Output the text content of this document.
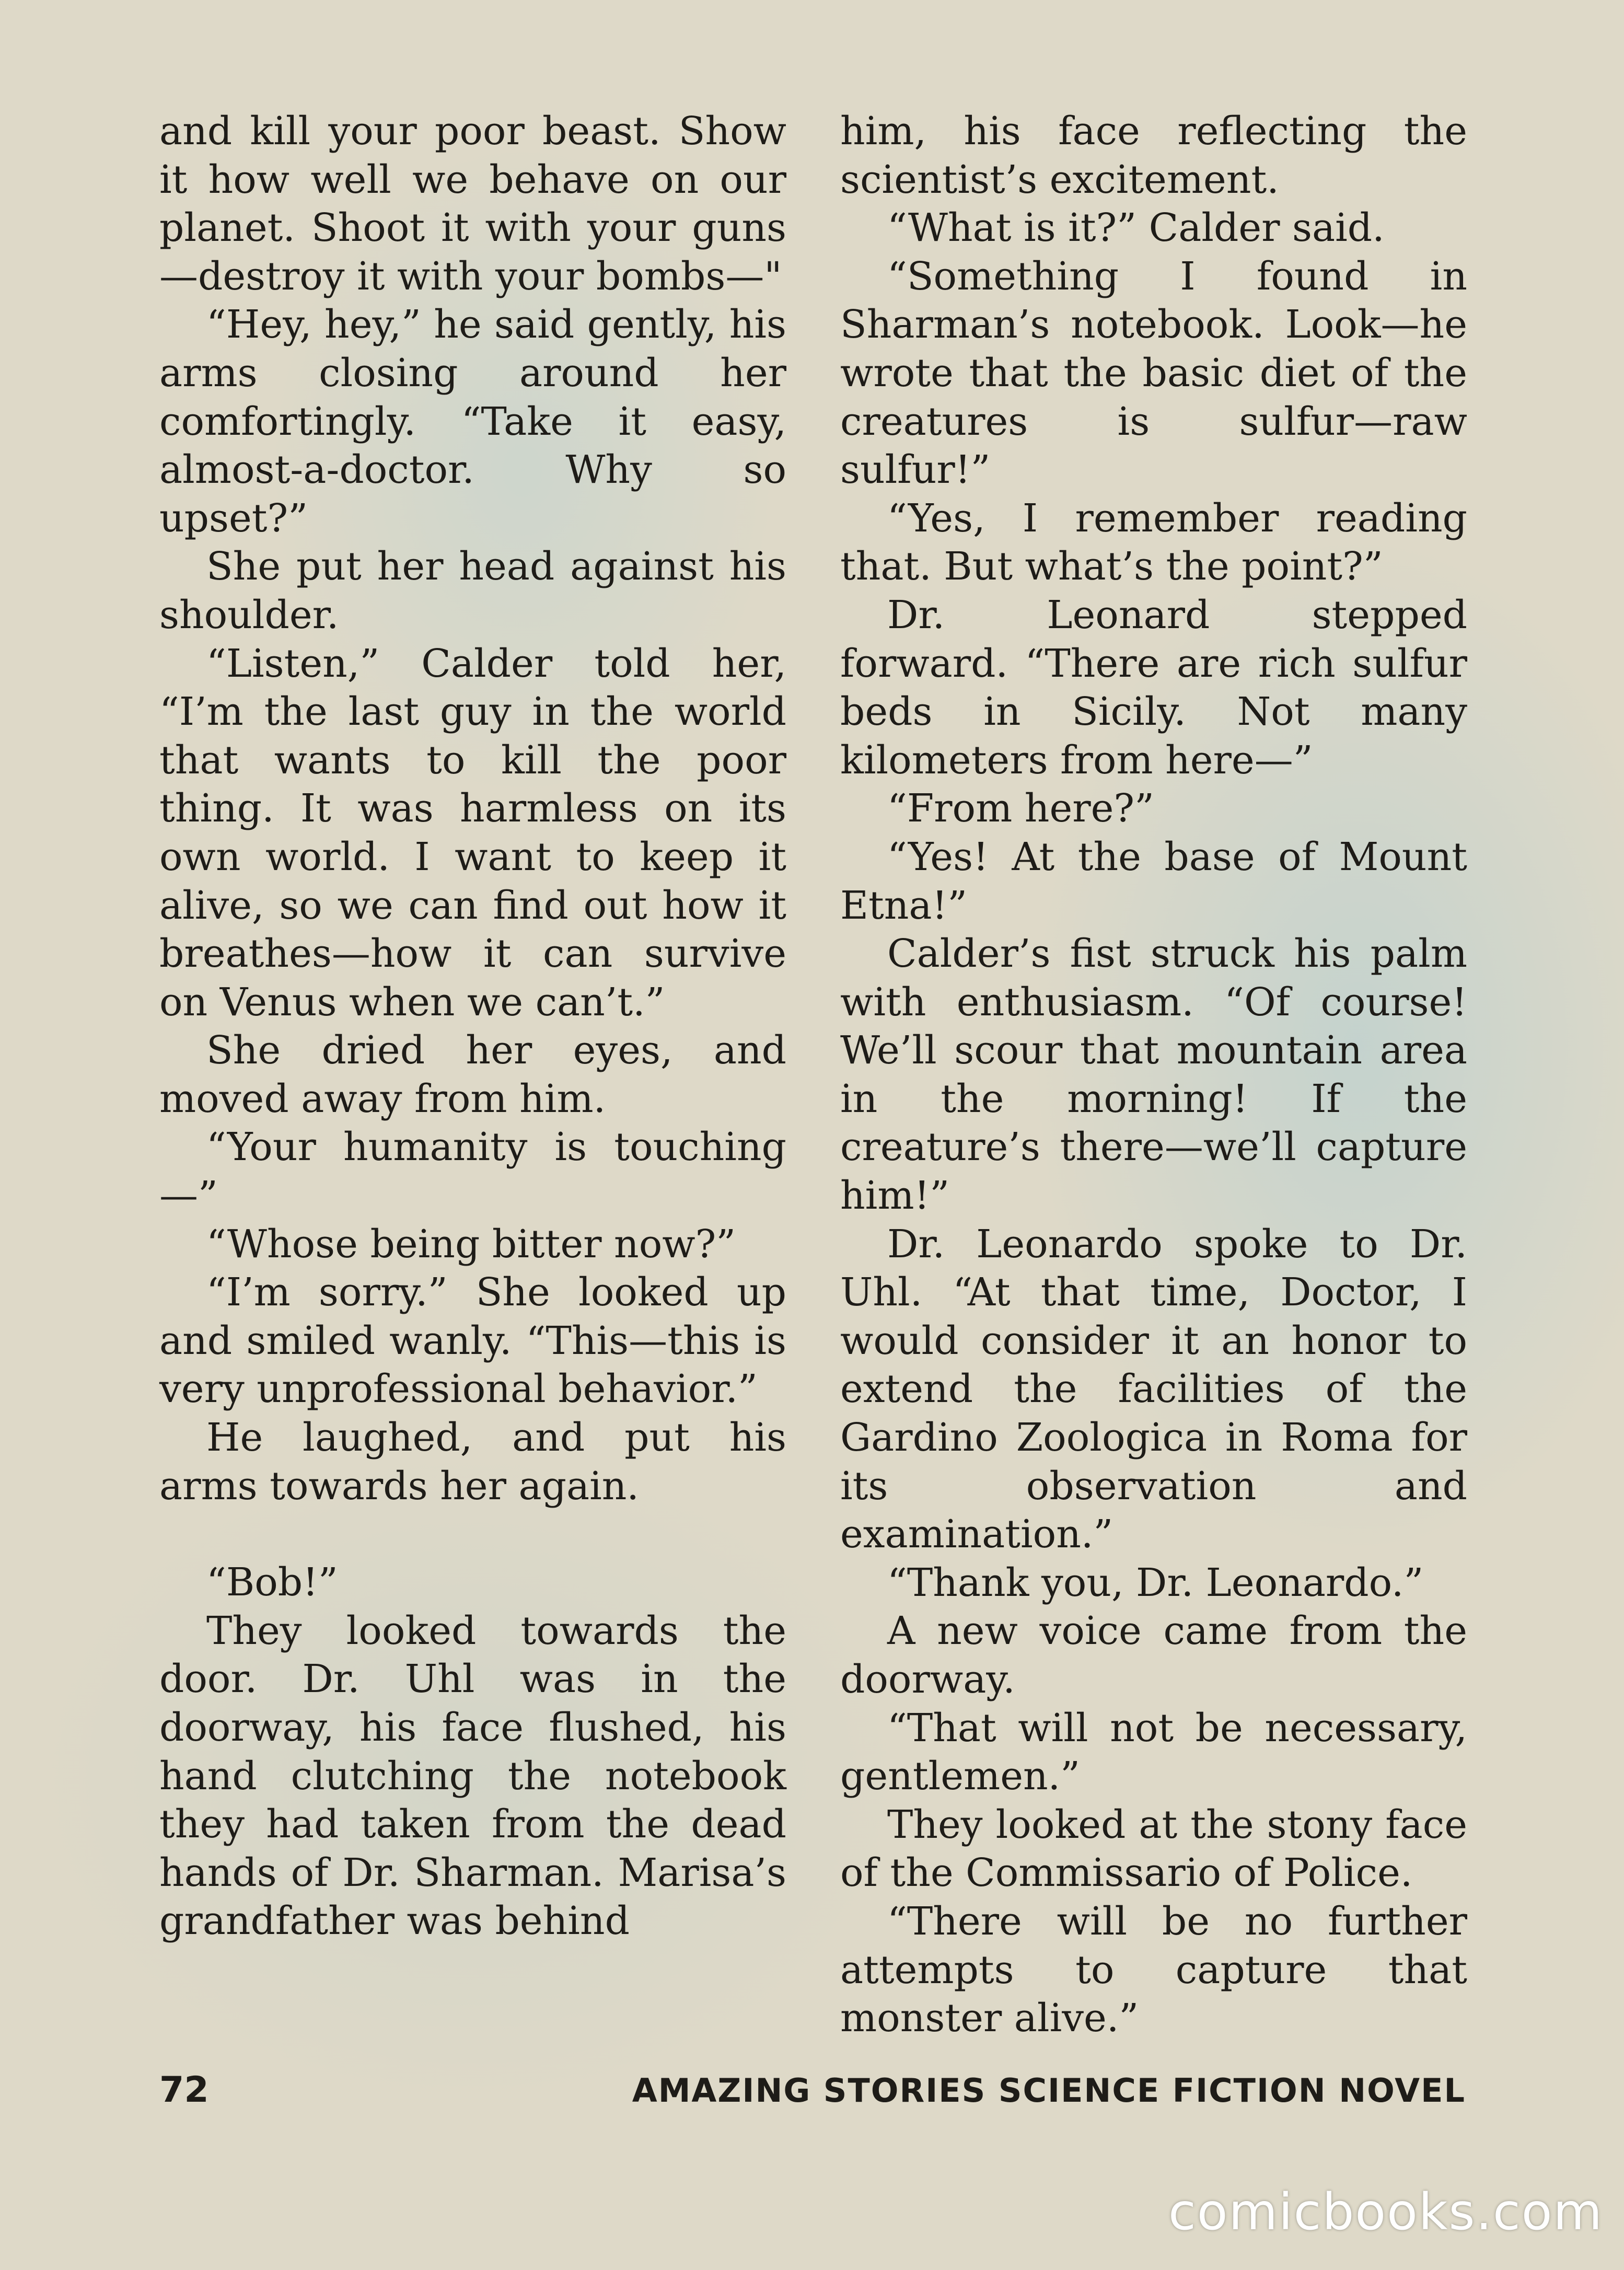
and kill your poor beast. Show it how well we behave on our planet. Shoot it with your guns—destroy it with your bombs—"

“Hey, hey,” he said gently, his arms closing around her comfortingly. “Take it easy, almost-a-doctor. Why so upset?”

She put her head against his shoulder.

“Listen,” Calder told her, “I’m the last guy in the world that wants to kill the poor thing. It was harmless on its own world. I want to keep it alive, so we can find out how it breathes—how it can survive on Venus when we can’t.”

She dried her eyes, and moved away from him.

“Your humanity is touching—”

“Whose being bitter now?”

“I’m sorry.” She looked up and smiled wanly. “This—this is very unprofessional behavior.”

He laughed, and put his arms towards her again.

“Bob!”

They looked towards the door. Dr. Uhl was in the doorway, his face flushed, his hand clutching the notebook they had taken from the dead hands of Dr. Sharman. Marisa’s grandfather was behind

him, his face reflecting the scientist’s excitement.

“What is it?” Calder said.

“Something I found in Sharman’s notebook. Look—he wrote that the basic diet of the creatures is sulfur—raw sulfur!”

“Yes, I remember reading that. But what’s the point?”

Dr. Leonard stepped forward. “There are rich sulfur beds in Sicily. Not many kilometers from here—”

“From here?”

“Yes! At the base of Mount Etna!”

Calder’s fist struck his palm with enthusiasm. “Of course! We’ll scour that mountain area in the morning! If the creature’s there—we’ll capture him!”

Dr. Leonardo spoke to Dr. Uhl. “At that time, Doctor, I would consider it an honor to extend the facilities of the Gardino Zoologica in Roma for its observation and examination.”

“Thank you, Dr. Leonardo.”

A new voice came from the doorway.

“That will not be necessary, gentlemen.”

They looked at the stony face of the Commissario of Police.

“There will be no further attempts to capture that monster alive.”

72	AMAZING STORIES SCIENCE FICTION NOVEL
comicbooks.com
